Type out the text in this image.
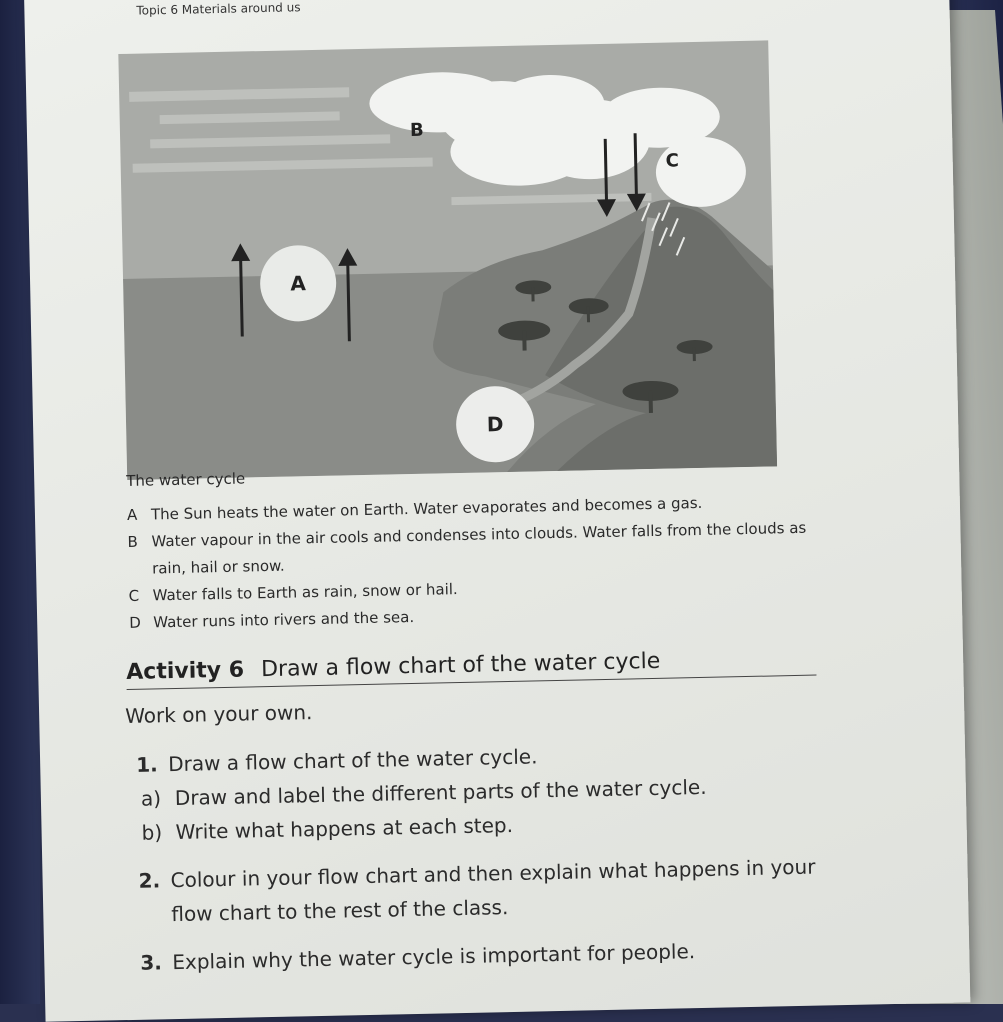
Topic 6 Materials around us
A
B
C
D
The water cycle
A The Sun heats the water on Earth. Water evaporates and becomes a gas.
B Water vapour in the air cools and condenses into clouds. Water falls from the clouds as rain, hail or snow.
C Water falls to Earth as rain, snow or hail.
D Water runs into rivers and the sea.
Activity 6 Draw a flow chart of the water cycle
Work on your own.
1. Draw a flow chart of the water cycle.
a) Draw and label the different parts of the water cycle.
b) Write what happens at each step.
2. Colour in your flow chart and then explain what happens in your flow chart to the rest of the class.
3. Explain why the water cycle is important for people.
